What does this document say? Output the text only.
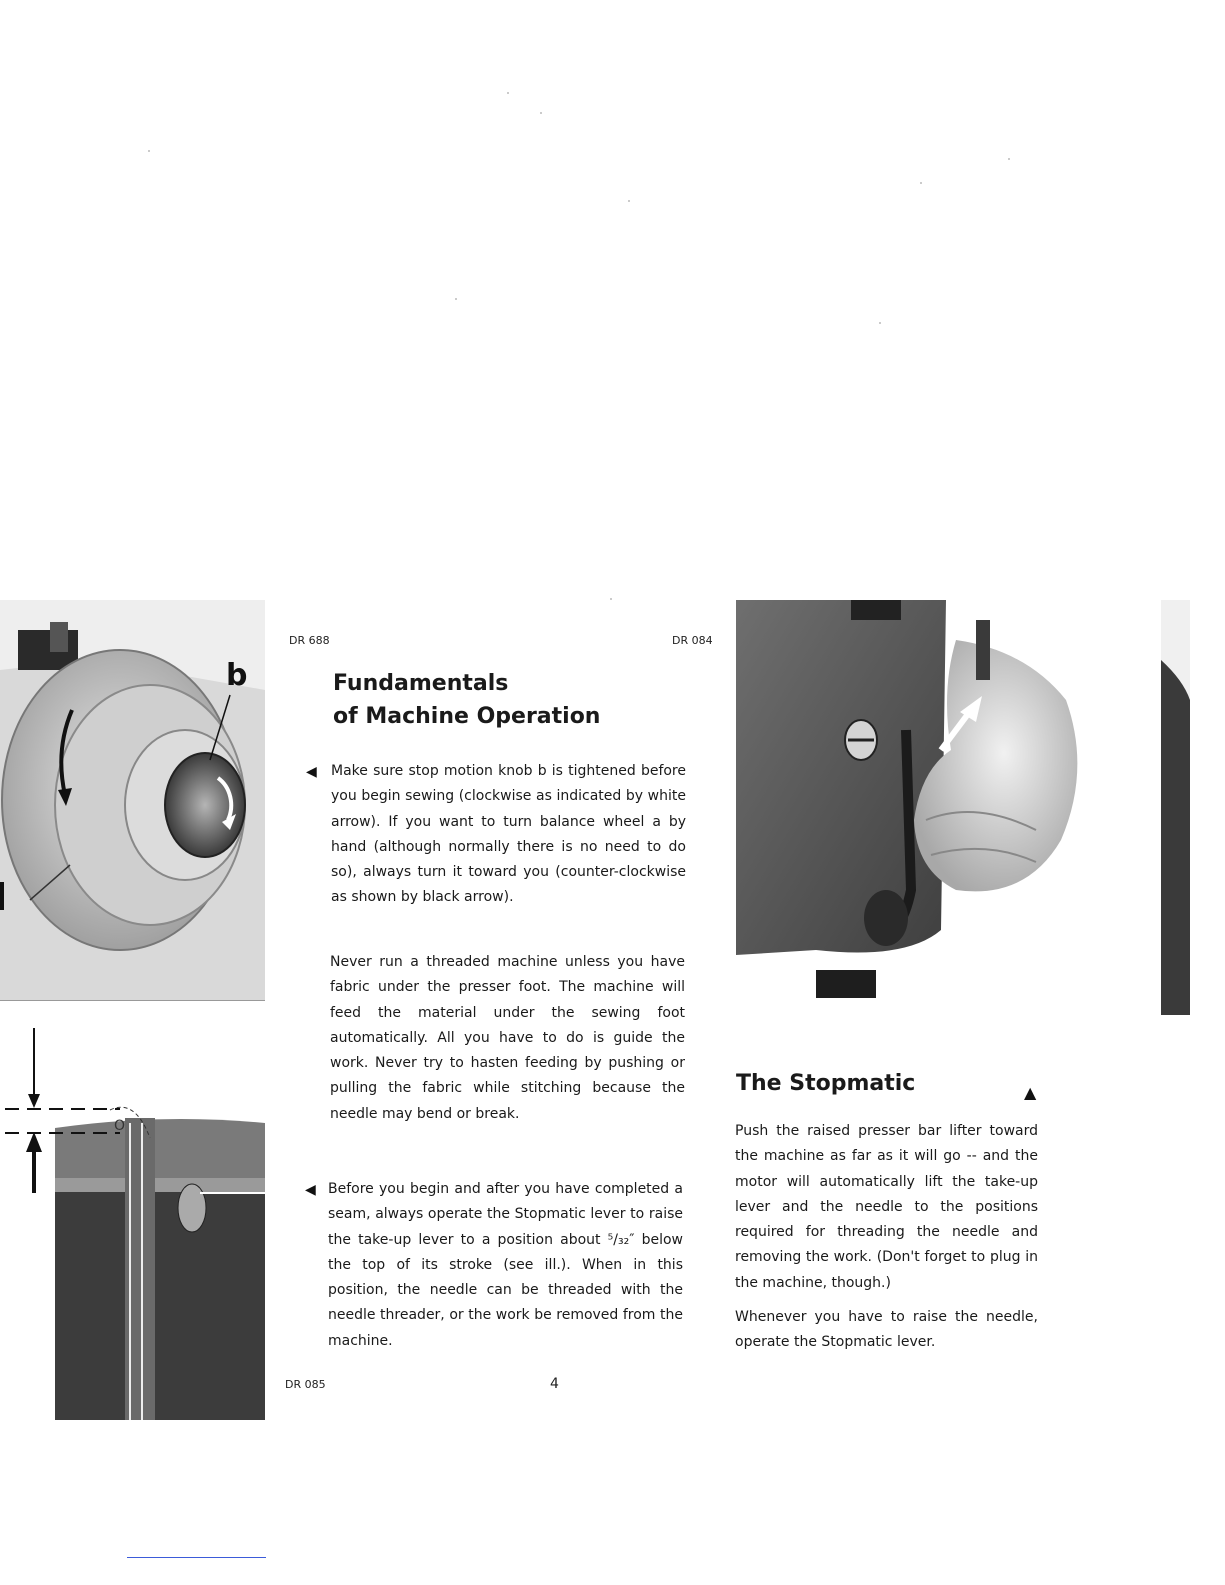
b
O
DR 688	DR 084
Fundamentals
of Machine Operation
◀ Make sure stop motion knob b is tightened before you begin sewing (clockwise as indicated by white arrow). If you want to turn balance wheel a by hand (although normally there is no need to do so), always turn it toward you (counter-clockwise as shown by black arrow).
Never run a threaded machine unless you have fabric under the presser foot. The machine will feed the material under the sewing foot automatically. All you have to do is guide the work. Never try to hasten feeding by pushing or pulling the fabric while stitching because the needle may bend or break.
◀ Before you begin and after you have completed a seam, always operate the Stopmatic lever to raise the take-up lever to a position about ⁵/₃₂″ below the top of its stroke (see ill.). When in this position, the needle can be threaded with the needle threader, or the work be removed from the machine.
DR 085	4
The Stopmatic	▲
Push the raised presser bar lifter toward the machine as far as it will go -- and the motor will automatically lift the take-up lever and the needle to the positions required for threading the needle and removing the work. (Don't forget to plug in the machine, though.)
Whenever you have to raise the needle, operate the Stopmatic lever.
